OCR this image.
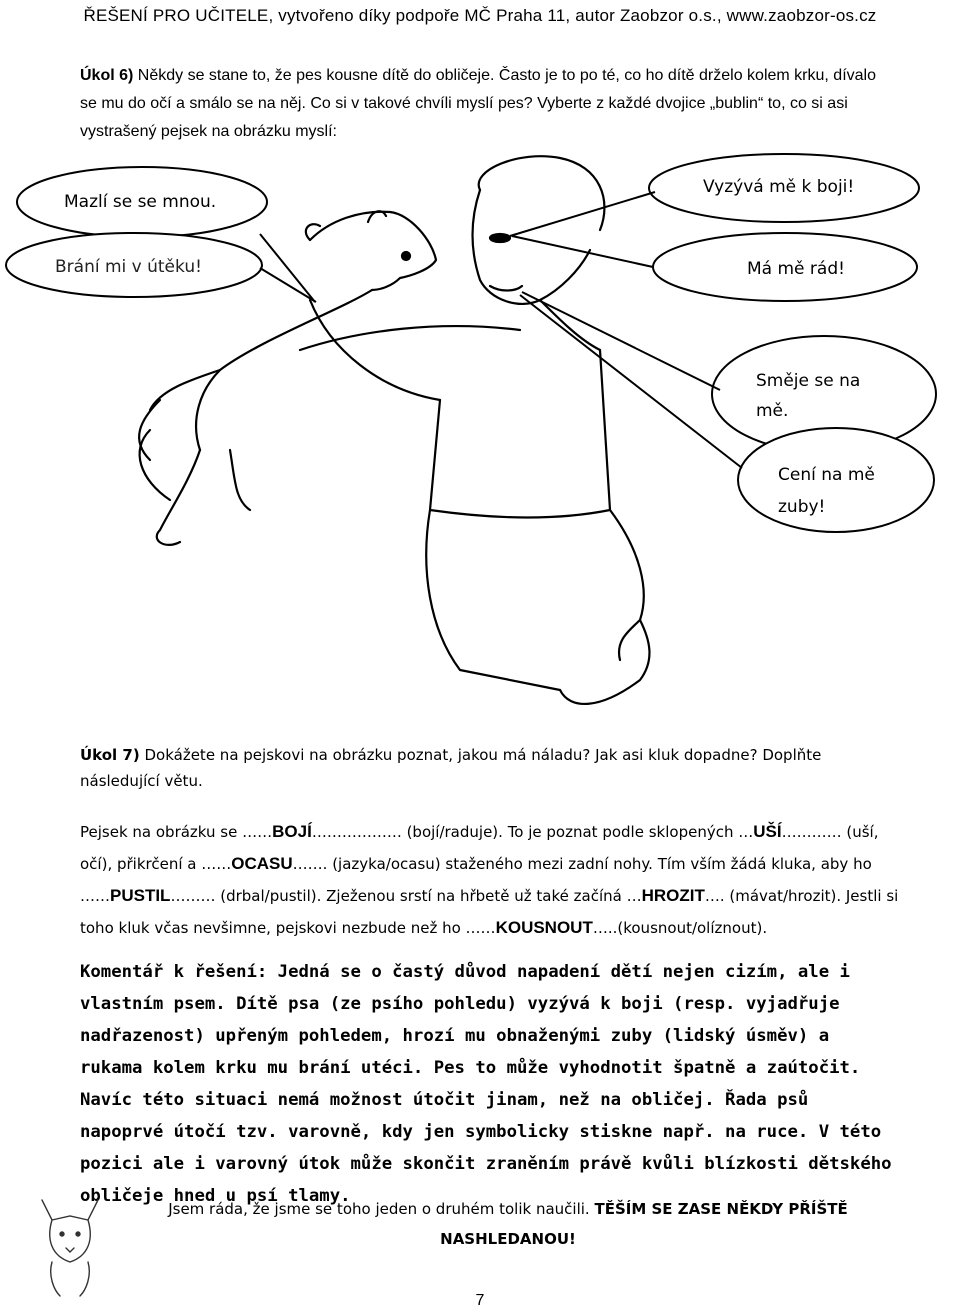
ŘEŠENÍ PRO UČITELE, vytvořeno díky podpoře MČ Praha 11, autor Zaobzor o.s., www.zaobzor-os.cz
Úkol 6) Někdy se stane to, že pes kousne dítě do obličeje. Často je to po té, co ho dítě drželo kolem krku, dívalo se mu do očí a smálo se na něj. Co si v takové chvíli myslí pes? Vyberte z každé dvojice „bublin“ to, co si asi vystrašený pejsek na obrázku myslí:
Mazlí se se mnou.
Brání mi v útěku!
Vyzývá mě k boji!
Má mě rád!
Směje se na
mě.
Cení na mě
zuby!
Úkol 7) Dokážete na pejskovi na obrázku poznat, jakou má náladu? Jak asi kluk dopadne? Doplňte následující větu.
Pejsek na obrázku se ……BOJÍ……………… (bojí/raduje). To je poznat podle sklopených …UŠÍ………… (uší, očí), přikrčení a ……OCASU……. (jazyka/ocasu) staženého mezi zadní nohy. Tím vším žádá kluka, aby ho ……PUSTIL……… (drbal/pustil). Zježenou srstí na hřbetě už také začíná …HROZIT…. (mávat/hrozit). Jestli si toho kluk včas nevšimne, pejskovi nezbude než ho ……KOUSNOUT…..(kousnout/olíznout).
Komentář k řešení: Jedná se o častý důvod napadení dětí nejen cizím, ale i vlastním psem. Dítě psa (ze psího pohledu) vyzývá k boji (resp. vyjadřuje nadřazenost) upřeným pohledem, hrozí mu obnaženými zuby (lidský úsměv) a rukama kolem krku mu brání utéci. Pes to může vyhodnotit špatně a zaútočit. Navíc této situaci nemá možnost útočit jinam, než na obličej. Řada psů napoprvé útočí tzv. varovně, kdy jen symbolicky stiskne např. na ruce. V této pozici ale i varovný útok může skončit zraněním právě kvůli blízkosti dětského obličeje hned u psí tlamy.
Jsem ráda, že jsme se toho jeden o druhém tolik naučili. TĚŠÍM SE ZASE NĚKDY PŘÍŠTĚ NASHLEDANOU!
7
